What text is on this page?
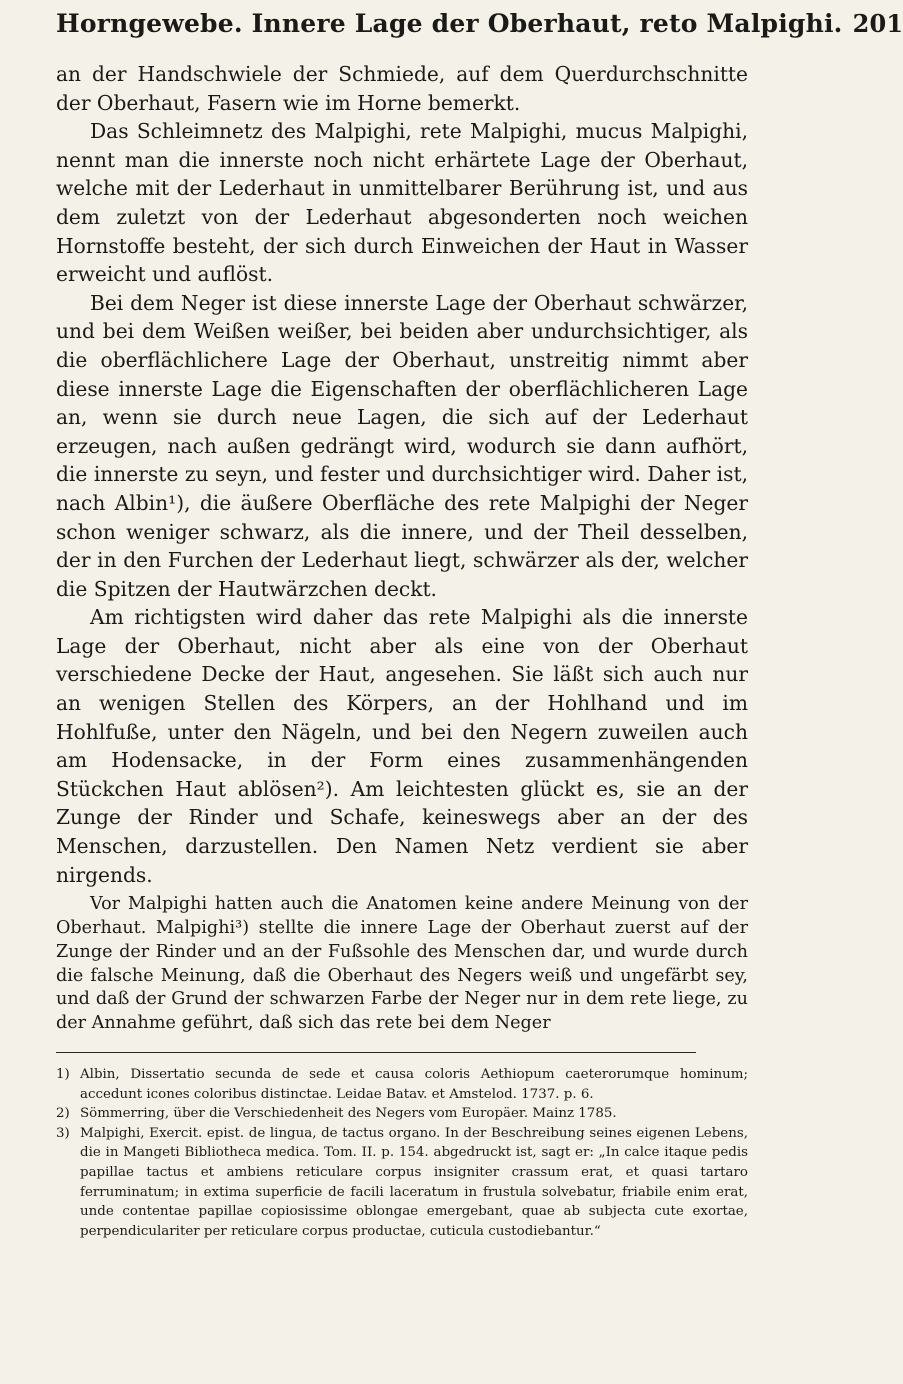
Horngewebe. Innere Lage der Oberhaut, reto Malpighi. 201

an der Handschwiele der Schmiede, auf dem Querdurchschnitte der Oberhaut, Fasern wie im Horne bemerkt.

Das Schleimnetz des Malpighi, rete Malpighi, mucus Malpighi, nennt man die innerste noch nicht erhärtete Lage der Oberhaut, welche mit der Lederhaut in unmittelbarer Berührung ist, und aus dem zuletzt von der Lederhaut abgesonderten noch weichen Hornstoffe besteht, der sich durch Einweichen der Haut in Wasser erweicht und auflöst.

Bei dem Neger ist diese innerste Lage der Oberhaut schwärzer, und bei dem Weißen weißer, bei beiden aber undurchsichtiger, als die oberflächlichere Lage der Oberhaut, unstreitig nimmt aber diese innerste Lage die Eigenschaften der oberflächlicheren Lage an, wenn sie durch neue Lagen, die sich auf der Lederhaut erzeugen, nach außen gedrängt wird, wodurch sie dann aufhört, die innerste zu seyn, und fester und durchsichtiger wird. Daher ist, nach Albin¹), die äußere Oberfläche des rete Malpighi der Neger schon weniger schwarz, als die innere, und der Theil desselben, der in den Furchen der Lederhaut liegt, schwärzer als der, welcher die Spitzen der Hautwärzchen deckt.

Am richtigsten wird daher das rete Malpighi als die innerste Lage der Oberhaut, nicht aber als eine von der Oberhaut verschiedene Decke der Haut, angesehen. Sie läßt sich auch nur an wenigen Stellen des Körpers, an der Hohlhand und im Hohlfuße, unter den Nägeln, und bei den Negern zuweilen auch am Hodensacke, in der Form eines zusammenhängenden Stückchen Haut ablösen²). Am leichtesten glückt es, sie an der Zunge der Rinder und Schafe, keineswegs aber an der des Menschen, darzustellen. Den Namen Netz verdient sie aber nirgends.

Vor Malpighi hatten auch die Anatomen keine andere Meinung von der Oberhaut. Malpighi³) stellte die innere Lage der Oberhaut zuerst auf der Zunge der Rinder und an der Fußsohle des Menschen dar, und wurde durch die falsche Meinung, daß die Oberhaut des Negers weiß und ungefärbt sey, und daß der Grund der schwarzen Farbe der Neger nur in dem rete liege, zu der Annahme geführt, daß sich das rete bei dem Neger
1) Albin, Dissertatio secunda de sede et causa coloris Aethiopum caeterorumque hominum; accedunt icones coloribus distinctae. Leidae Batav. et Amstelod. 1737. p. 6.
2) Sömmerring, über die Verschiedenheit des Negers vom Europäer. Mainz 1785.
3) Malpighi, Exercit. epist. de lingua, de tactus organo. In der Beschreibung seines eigenen Lebens, die in Mangeti Bibliotheca medica. Tom. II. p. 154. abgedruckt ist, sagt er: „In calce itaque pedis papillae tactus et ambiens reticulare corpus insigniter crassum erat, et quasi tartaro ferruminatum; in extima superficie de facili laceratum in frustula solvebatur, friabile enim erat, unde contentae papillae copiosissime oblongae emergebant, quae ab subjecta cute exortae, perpendiculariter per reticulare corpus productae, cuticula custodiebantur.“
